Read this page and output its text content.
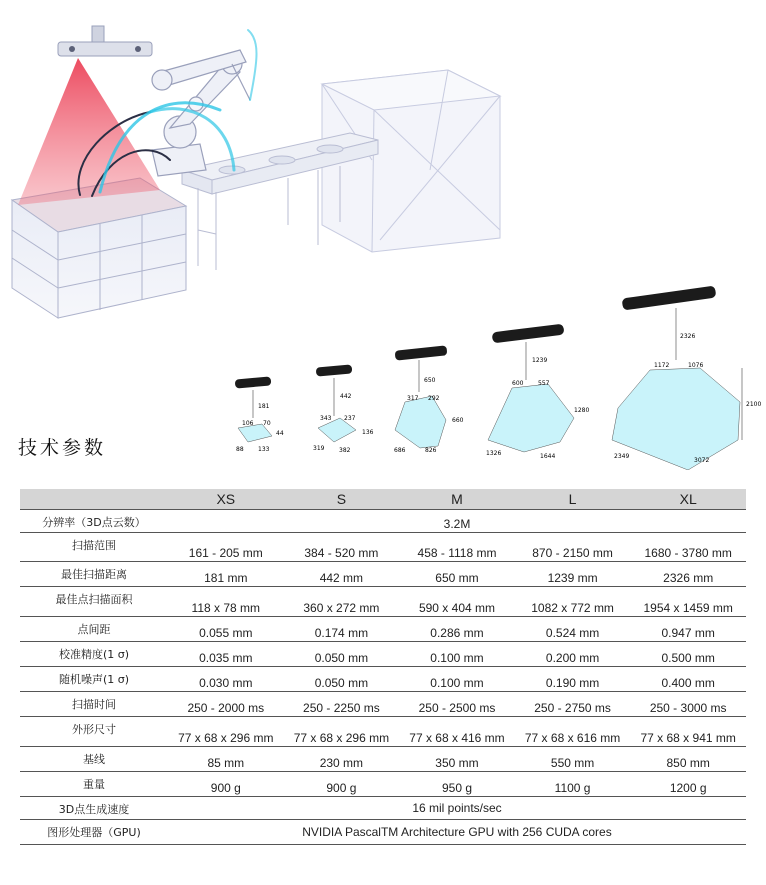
181
106 70
44
88 133
442
343 237
136
319 382
650
317 292
660
686	826
1239
600 557
1280
1326	1644
2326
1172	1076
2100
2349
3072
技术参数
	XS	S	M	L	XL
分辨率（3D点云数）	3.2M				
扫描范围	161 - 205 mm	384 - 520 mm	458 - 1118 mm	870 - 2150 mm	1680 - 3780 mm
最佳扫描距离	181 mm	442 mm	650 mm	1239 mm	2326 mm
最佳点扫描面积	118 x 78 mm	360 x 272 mm	590 x 404 mm	1082 x 772 mm	1954 x 1459 mm
点间距	0.055 mm	0.174 mm	0.286 mm	0.524 mm	0.947 mm
校准精度(1 σ)	0.035 mm	0.050 mm	0.100 mm	0.200 mm	0.500 mm
随机噪声(1 σ)	0.030 mm	0.050 mm	0.100 mm	0.190 mm	0.400 mm
扫描时间	250 - 2000 ms	250 - 2250 ms	250 - 2500 ms	250 - 2750 ms	250 - 3000 ms
外形尺寸	77 x 68 x 296 mm	77 x 68 x 296 mm	77 x 68 x 416 mm	77 x 68 x 616 mm	77 x 68 x 941 mm
基线	85 mm	230 mm	350 mm	550 mm	850 mm
重量	900 g	900 g	950 g	1100 g	1200 g
3D点生成速度	16 mil points/sec				
图形处理器（GPU)	NVIDIA PascalTM Architecture GPU with 256 CUDA cores				
